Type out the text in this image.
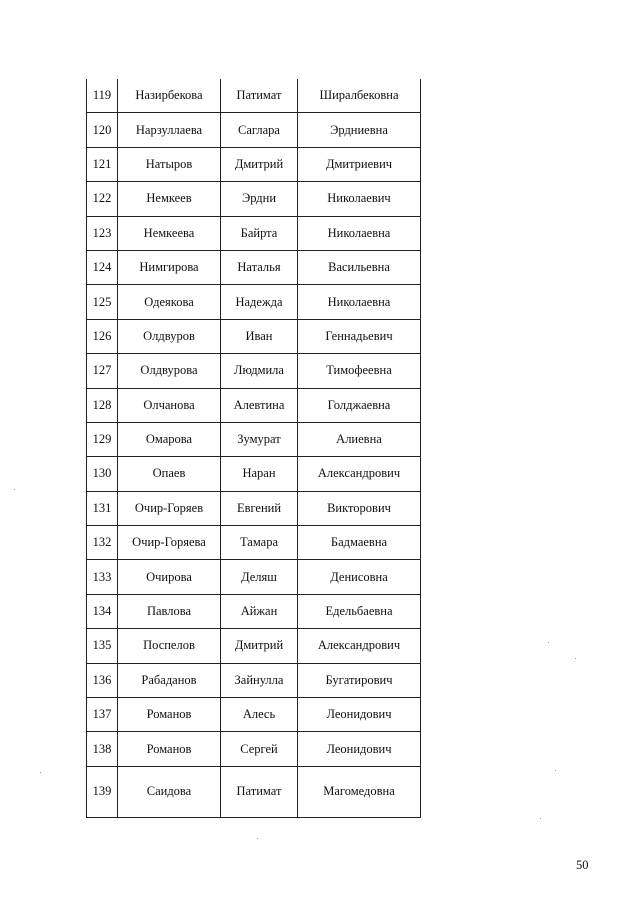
119	Назирбекова	Патимат	Ширалбековна
120	Нарзуллаева	Саглара	Эрдниевна
121	Натыров	Дмитрий	Дмитриевич
122	Немкеев	Эрдни	Николаевич
123	Немкеева	Байрта	Николаевна
124	Нимгирова	Наталья	Васильевна
125	Одеякова	Надежда	Николаевна
126	Олдвуров	Иван	Геннадьевич
127	Олдвурова	Людмила	Тимофеевна
128	Олчанова	Алевтина	Голджаевна
129	Омарова	Зумурат	Алиевна
130	Опаев	Наран	Александрович
131	Очир-Горяев	Евгений	Викторович
132	Очир-Горяева	Тамара	Бадмаевна
133	Очирова	Деляш	Денисовна
134	Павлова	Айжан	Едельбаевна
135	Поспелов	Дмитрий	Александрович
136	Рабаданов	Зайнулла	Бугатирович
137	Романов	Алесь	Леонидович
138	Романов	Сергей	Леонидович
139	Саидова	Патимат	Магомедовна
50
